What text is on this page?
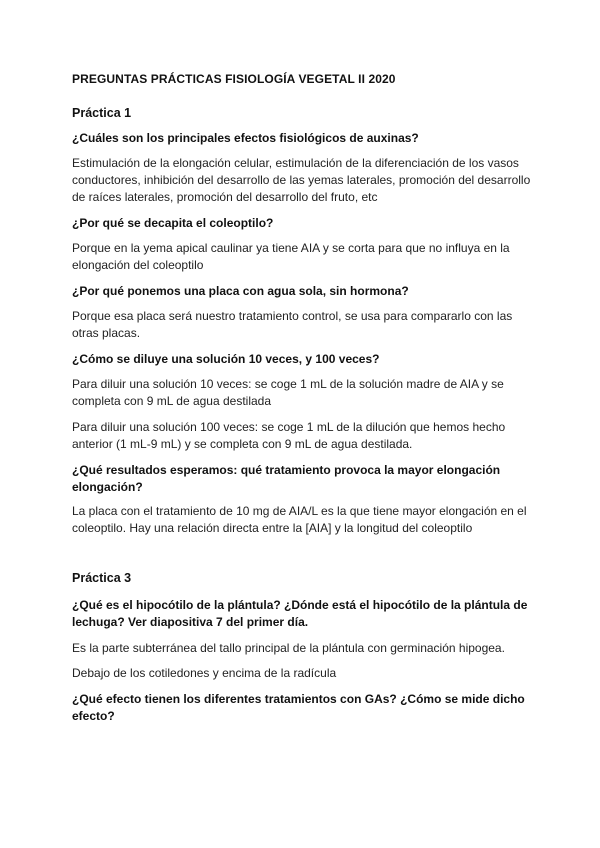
PREGUNTAS PRÁCTICAS FISIOLOGÍA VEGETAL II 2020
Práctica 1
¿Cuáles son los principales efectos fisiológicos de auxinas?
Estimulación de la elongación celular, estimulación de la diferenciación de los vasos conductores, inhibición del desarrollo de las yemas laterales, promoción del desarrollo de raíces laterales, promoción del desarrollo del fruto, etc
¿Por qué se decapita el coleoptilo?
Porque en la yema apical caulinar ya tiene AIA y se corta para que no influya en la elongación del coleoptilo
¿Por qué ponemos una placa con agua sola, sin hormona?
Porque esa placa será nuestro tratamiento control, se usa para compararlo con las otras placas.
¿Cómo se diluye una solución 10 veces, y 100 veces?
Para diluir una solución 10 veces: se coge 1 mL de la solución madre de AIA y se completa con 9 mL de agua destilada
Para diluir una solución 100 veces: se coge 1 mL de la dilución que hemos hecho anterior (1 mL-9 mL) y se completa con 9 mL de agua destilada.
¿Qué resultados esperamos: qué tratamiento provoca la mayor elongación elongación?
La placa con el tratamiento de 10 mg de AIA/L es la que tiene mayor elongación en el coleoptilo. Hay una relación directa entre la [AIA] y la longitud del coleoptilo
Práctica 3
¿Qué es el hipocótilo de la plántula? ¿Dónde está el hipocótilo de la plántula de lechuga? Ver diapositiva 7 del primer día.
Es la parte subterránea del tallo principal de la plántula con germinación hipogea.
Debajo de los cotiledones y encima de la radícula
¿Qué efecto tienen los diferentes tratamientos con GAs? ¿Cómo se mide dicho efecto?
